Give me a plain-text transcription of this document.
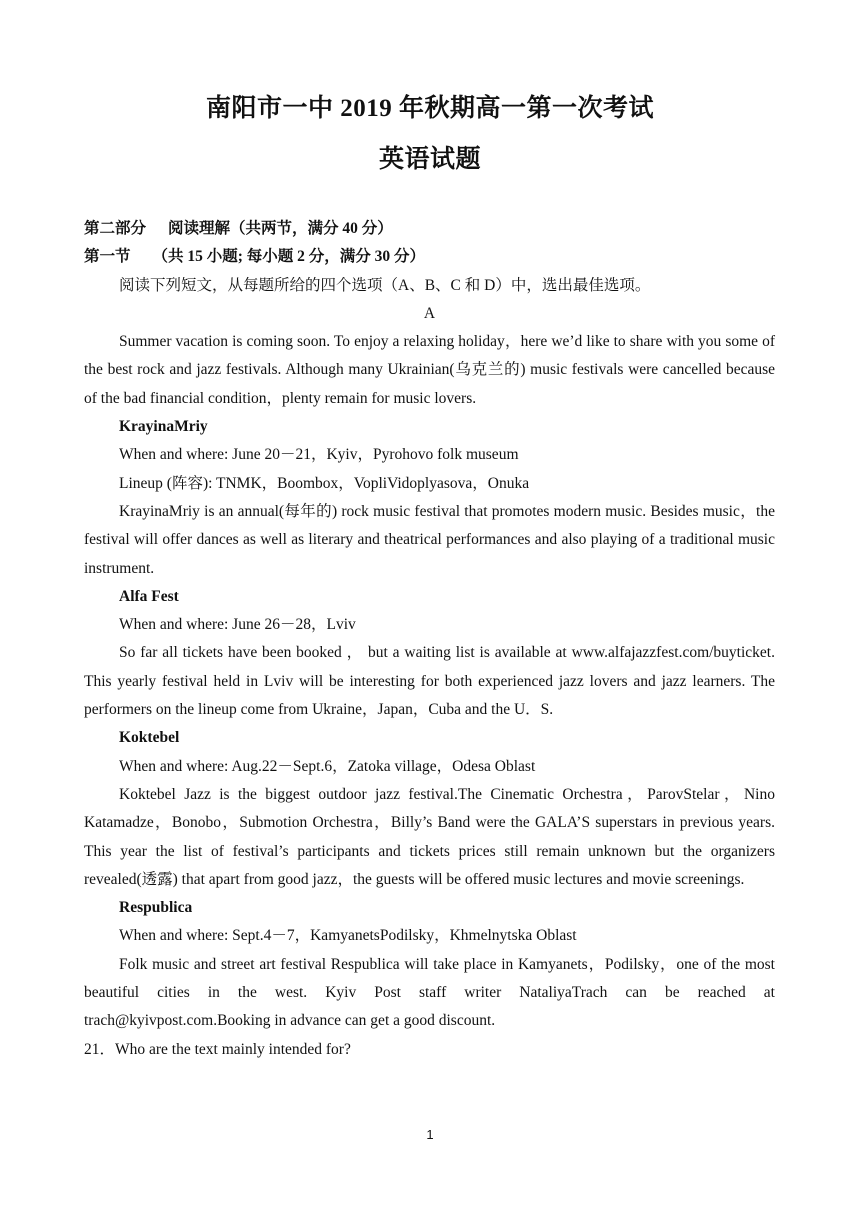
南阳市一中 2019 年秋期高一第一次考试
英语试题

第二部分 阅读理解（共两节，满分 40 分）

第一节 （共 15 小题; 每小题 2 分，满分 30 分）

阅读下列短文，从每题所给的四个选项（A、B、C 和 D）中，选出最佳选项。

A

Summer vacation is coming soon. To enjoy a relaxing holiday，here we’d like to share with you some of the best rock and jazz festivals. Although many Ukrainian(乌克兰的) music festivals were cancelled because of the bad financial condition，plenty remain for music lovers.

KrayinaMriy

When and where: June 20－21，Kyiv，Pyrohovo folk museum

Lineup (阵容): TNMK，Boombox，VopliVidoplyasova，Onuka

KrayinaMriy is an annual(每年的) rock music festival that promotes modern music. Besides music，the festival will offer dances as well as literary and theatrical performances and also playing of a traditional music instrument.

Alfa Fest

When and where: June 26－28，Lviv

So far all tickets have been booked ， but a waiting list is available at www.alfajazzfest.com/buyticket. This yearly festival held in Lviv will be interesting for both experienced jazz lovers and jazz learners. The performers on the lineup come from Ukraine，Japan，Cuba and the U．S.

Koktebel

When and where: Aug.22－Sept.6，Zatoka village，Odesa Oblast

Koktebel Jazz is the biggest outdoor jazz festival.The Cinematic Orchestra，ParovStelar，Nino Katamadze，Bonobo，Submotion Orchestra，Billy’s Band were the GALA’S superstars in previous years. This year the list of festival’s participants and tickets prices still remain unknown but the organizers revealed(透露) that apart from good jazz，the guests will be offered music lectures and movie screenings.

Respublica

When and where: Sept.4－7，KamyanetsPodilsky，Khmelnytska Oblast

Folk music and street art festival Respublica will take place in Kamyanets，Podilsky，one of the most beautiful cities in the west. Kyiv Post staff writer NataliyaTrach can be reached at trach@kyivpost.com.Booking in advance can get a good discount.

21．Who are the text mainly intended for?

1
